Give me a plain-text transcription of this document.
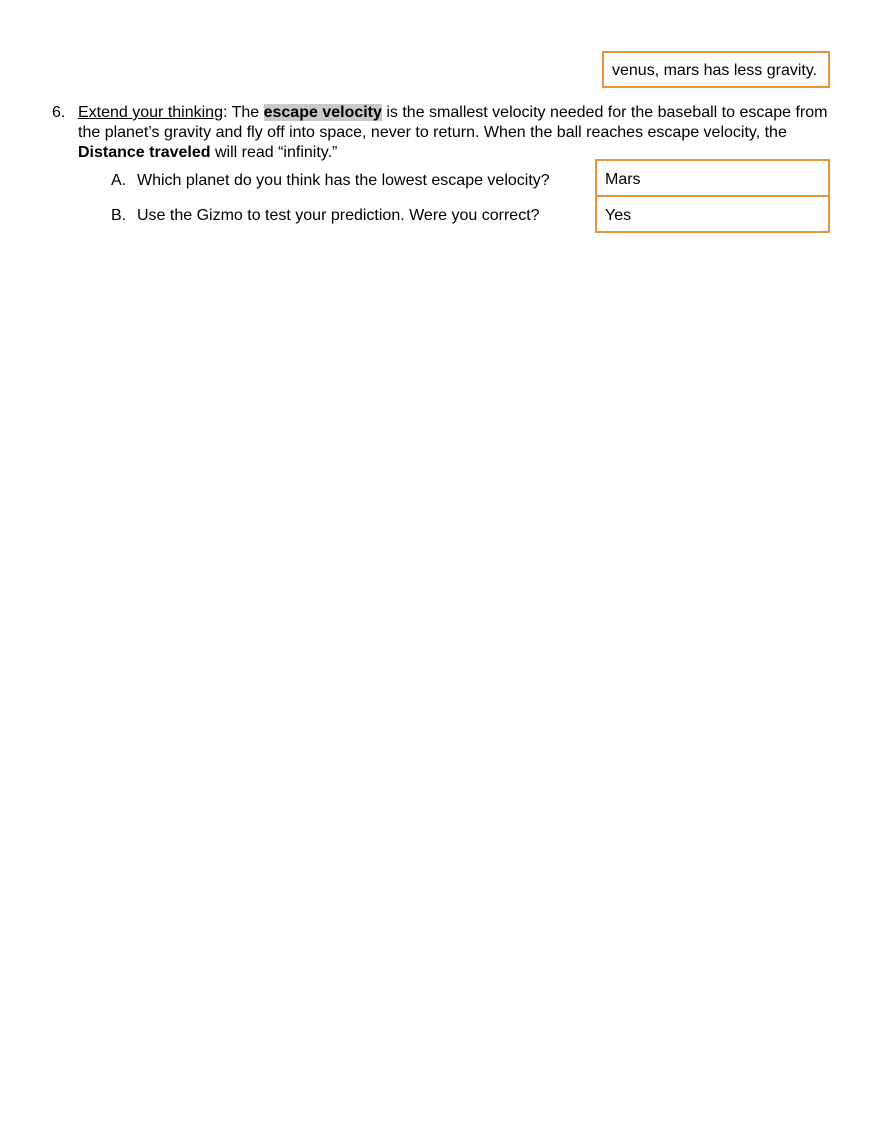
venus, mars has less gravity.
6. Extend your thinking: The escape velocity is the smallest velocity needed for the baseball to escape from the planet’s gravity and fly off into space, never to return. When the ball reaches escape velocity, the Distance traveled will read “infinity.”
A. Which planet do you think has the lowest escape velocity?	Mars
B. Use the Gizmo to test your prediction. Were you correct?	Yes
